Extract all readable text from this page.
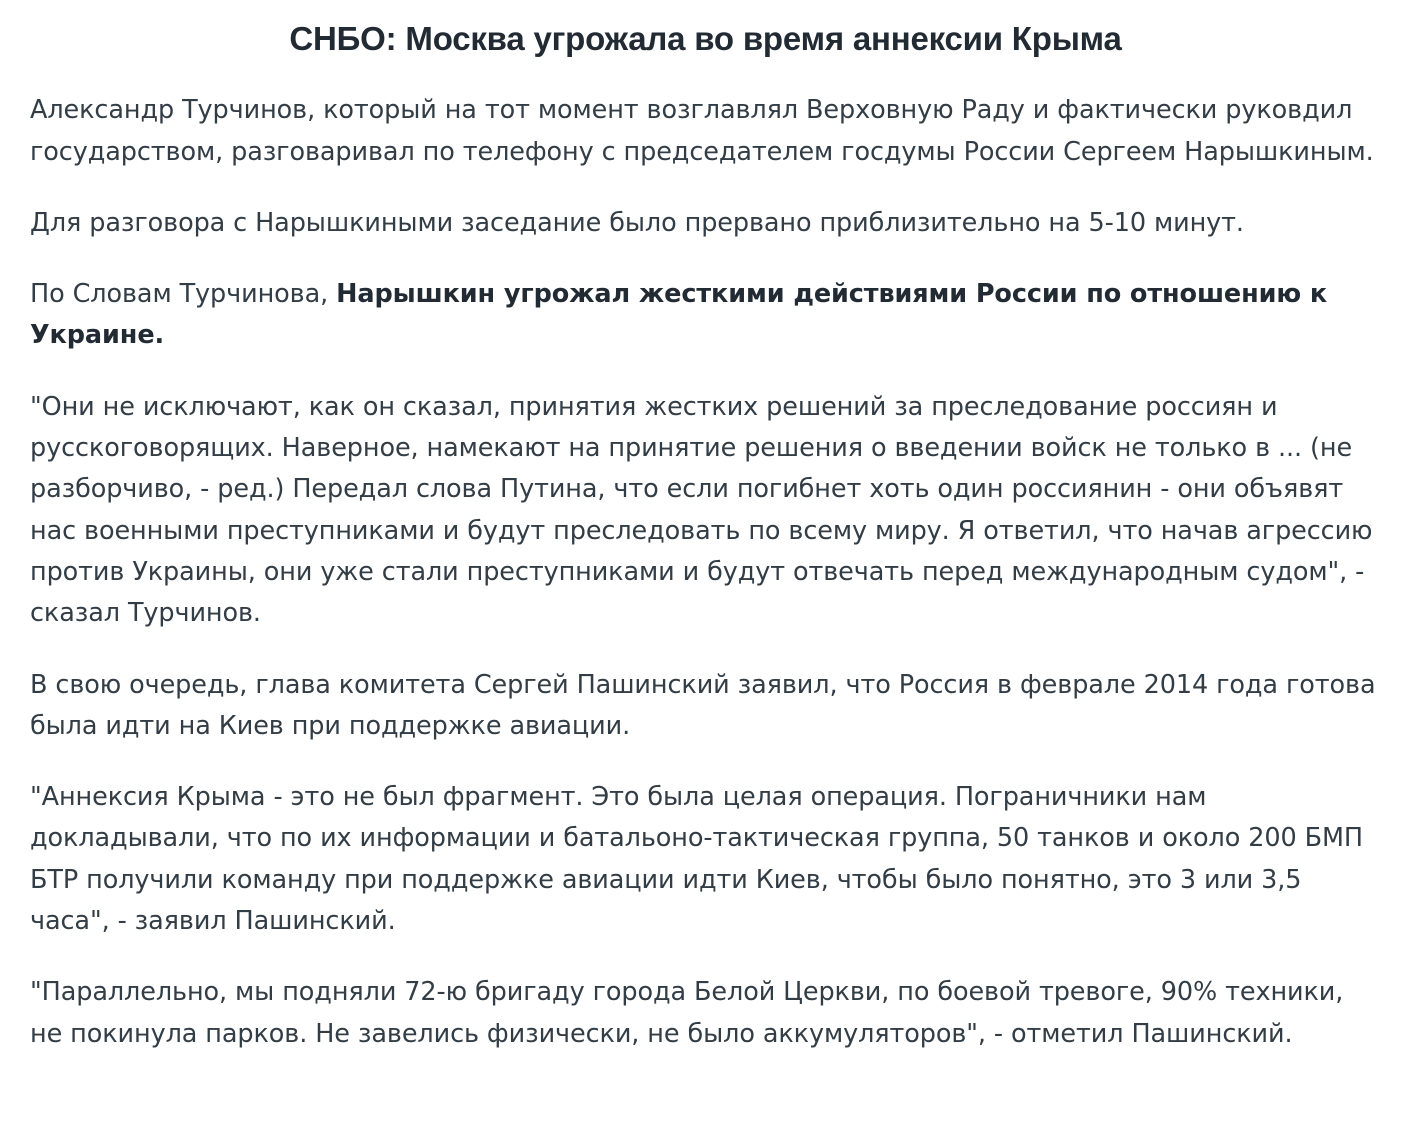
СНБО: Москва угрожала во время аннексии Крыма

Александр Турчинов, который на тот момент возглавлял Верховную Раду и фактически руковдил государством, разговаривал по телефону с председателем госдумы России Сергеем Нарышкиным.

Для разговора с Нарышкиными заседание было прервано приблизительно на 5-10 минут.

По Словам Турчинова, Нарышкин угрожал жесткими действиями России по отношению к Украине.

"Они не исключают, как он сказал, принятия жестких решений за преследование россиян и русскоговорящих. Наверное, намекают на принятие решения о введении войск не только в ... (не разборчиво, - ред.) Передал слова Путина, что если погибнет хоть один россиянин - они объявят нас военными преступниками и будут преследовать по всему миру. Я ответил, что начав агрессию против Украины, они уже стали преступниками и будут отвечать перед международным судом", - сказал Турчинов.

В свою очередь, глава комитета Сергей Пашинский заявил, что Россия в феврале 2014 года готова была идти на Киев при поддержке авиации.

"Аннексия Крыма - это не был фрагмент. Это была целая операция. Пограничники нам докладывали, что по их информации и батальоно-тактическая группа, 50 танков и около 200 БМП БТР получили команду при поддержке авиации идти Киев, чтобы было понятно, это 3 или 3,5 часа", - заявил Пашинский.

"Параллельно, мы подняли 72-ю бригаду города Белой Церкви, по боевой тревоге, 90% техники, не покинула парков. Не завелись физически, не было аккумуляторов", - отметил Пашинский.
